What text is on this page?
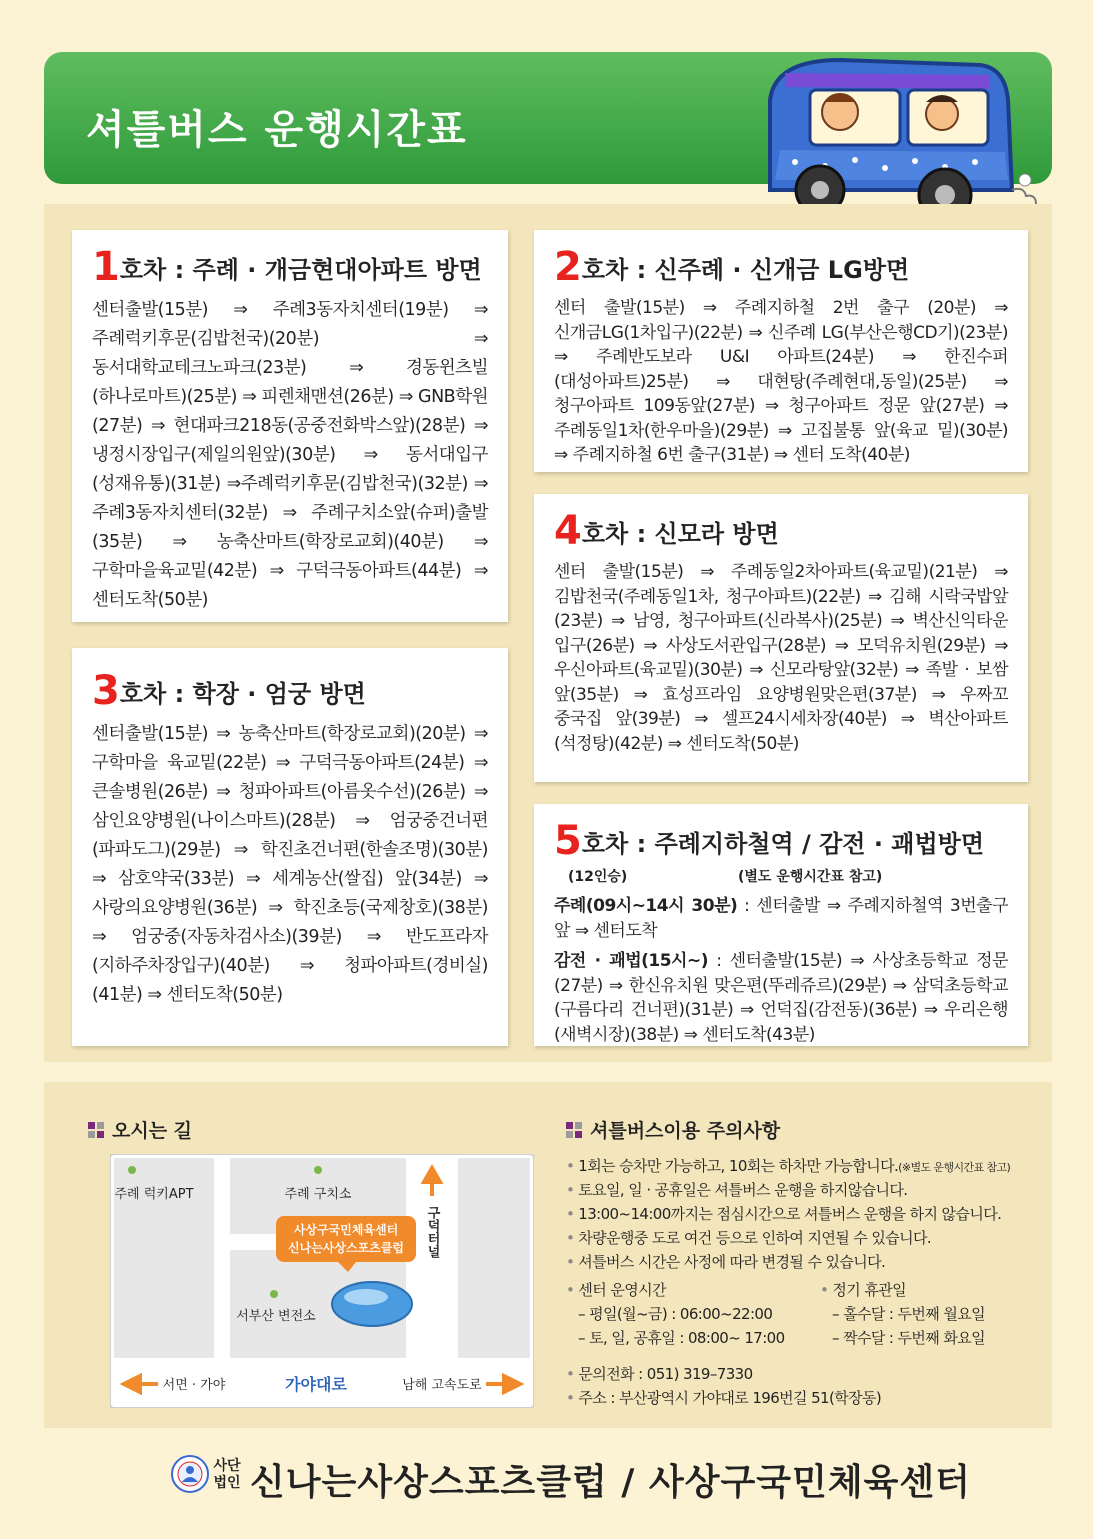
셔틀버스 운행시간표
1호차 : 주례 · 개금현대아파트 방면
센터출발(15분) ⇒ 주례3동자치센터(19분) ⇒ 주례럭키후문(김밥천국)(20분) ⇒ 동서대학교테크노파크(23분) ⇒ 경동윈츠빌(하나로마트)(25분) ⇒ 피렌채맨션(26분) ⇒ GNB학원(27분) ⇒ 현대파크218동(공중전화박스앞)(28분) ⇒ 냉정시장입구(제일의원앞)(30분) ⇒ 동서대입구(성재유통)(31분) ⇒주례럭키후문(김밥천국)(32분) ⇒ 주례3동자치센터(32분) ⇒ 주례구치소앞(슈퍼)출발(35분) ⇒ 농축산마트(학장로교회)(40분) ⇒ 구학마을육교밑(42분) ⇒ 구덕극동아파트(44분) ⇒ 센터도착(50분)
2호차 : 신주례 · 신개금 LG방면
센터 출발(15분) ⇒ 주례지하철 2번 출구 (20분) ⇒ 신개금LG(1차입구)(22분) ⇒ 신주례 LG(부산은행CD기)(23분) ⇒ 주례반도보라 U&I 아파트(24분) ⇒ 한진수퍼(대성아파트)25분) ⇒ 대현탕(주례현대,동일)(25분) ⇒ 청구아파트 109동앞(27분) ⇒ 청구아파트 정문 앞(27분) ⇒ 주례동일1차(한우마을)(29분) ⇒ 고집불통 앞(육교 밑)(30분) ⇒ 주례지하철 6번 출구(31분) ⇒ 센터 도착(40분)
4호차 : 신모라 방면
센터 출발(15분) ⇒ 주례동일2차아파트(육교밑)(21분) ⇒ 김밥천국(주례동일1차, 청구아파트)(22분) ⇒ 김해 시락국밥앞(23분) ⇒ 남영, 청구아파트(신라복사)(25분) ⇒ 벽산신익타운 입구(26분) ⇒ 사상도서관입구(28분) ⇒ 모덕유치원(29분) ⇒ 우신아파트(육교밑)(30분) ⇒ 신모라탕앞(32분) ⇒ 족발 · 보쌈 앞(35분) ⇒ 효성프라임 요양병원맞은편(37분) ⇒ 우짜꼬 중국집 앞(39분) ⇒ 셀프24시세차장(40분) ⇒ 벽산아파트(석정탕)(42분) ⇒ 센터도착(50분)
3호차 : 학장 · 엄궁 방면
센터출발(15분) ⇒ 농축산마트(학장로교회)(20분) ⇒ 구학마을 육교밑(22분) ⇒ 구덕극동아파트(24분) ⇒ 큰솔병원(26분) ⇒ 청파아파트(아름옷수선)(26분) ⇒ 삼인요양병원(나이스마트)(28분) ⇒ 엄궁중건너편(파파도그)(29분) ⇒ 학진초건너편(한솔조명)(30분) ⇒ 삼호약국(33분) ⇒ 세계농산(쌀집) 앞(34분) ⇒ 사랑의요양병원(36분) ⇒ 학진초등(국제창호)(38분) ⇒ 엄궁중(자동차검사소)(39분) ⇒ 반도프라자(지하주차장입구)(40분) ⇒ 청파아파트(경비실)(41분) ⇒ 센터도착(50분)
5호차 : 주례지하철역 / 감전 · 괘법방면
(12인승)	(별도 운행시간표 참고)
주례(09시~14시 30분) : 센터출발 ⇒ 주례지하철역 3번출구 앞 ⇒ 센터도착
감전 · 괘법(15시~) : 센터출발(15분) ⇒ 사상초등학교 정문(27분) ⇒ 한신유치원 맞은편(뚜레쥬르)(29분) ⇒ 삼덕초등학교(구름다리 건너편)(31분) ⇒ 언덕집(감전동)(36분) ⇒ 우리은행(새벽시장)(38분) ⇒ 센터도착(43분)
오시는 길
주례 럭키APT	주례 구치소
사상구국민체육센터
신나는사상스포츠클럽
서부산 변전소
구덕터널
서면 · 가야	가야대로	남해 고속도로
셔틀버스이용 주의사항
• 1회는 승차만 가능하고, 10회는 하차만 가능합니다.(※별도 운행시간표 참고)
• 토요일, 일 · 공휴일은 셔틀버스 운행을 하지않습니다.
• 13:00~14:00까지는 점심시간으로 셔틀버스 운행을 하지 않습니다.
• 차량운행중 도로 여건 등으로 인하여 지연될 수 있습니다.
• 셔틀버스 시간은 사정에 따라 변경될 수 있습니다.
• 센터 운영시간
– 평일(월~금) : 06:00~22:00
– 토, 일, 공휴일 : 08:00~ 17:00
• 정기 휴관일
– 홀수달 : 두번째 월요일
– 짝수달 : 두번째 화요일
• 문의전화 : 051) 319–7330
• 주소 : 부산광역시 가야대로 196번길 51(학장동)
사단
법인 신나는사상스포츠클럽 / 사상구국민체육센터
